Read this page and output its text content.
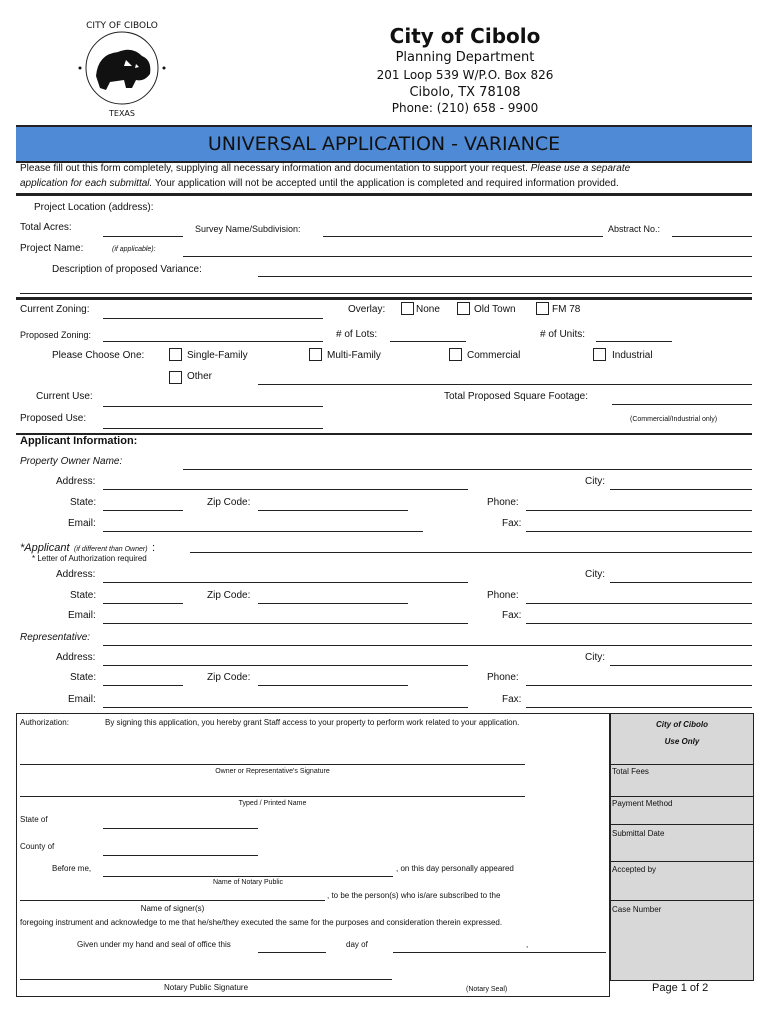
CITY OF CIBOLO
TEXAS
City of Cibolo
Planning Department
201 Loop 539 W/P.O. Box 826
Cibolo, TX 78108
Phone: (210) 658 - 9900
UNIVERSAL APPLICATION - VARIANCE
Please fill out this form completely, supplying all necessary information and documentation to support your request. Please use a separate
application for each submittal. Your application will not be accepted until the application is completed and required information provided.
Project Location (address):
Total Acres:	Survey Name/Subdivision:	Abstract No.:
Project Name:	(if applicable):
Description of proposed Variance:
Current Zoning:	Overlay:	None	Old Town	FM 78
Proposed Zoning:	# of Lots:	# of Units:
Please Choose One:	Single-Family	Multi-Family	Commercial	Industrial
Other
Current Use:	Total Proposed Square Footage:
Proposed Use:	(Commercial/Industrial only)
Applicant Information:
Property Owner Name:
Address:	City:
State:	Zip Code:	Phone:
Email:	Fax:
*Applicant (if different than Owner) :
* Letter of Authorization required
Address:	City:
State:	Zip Code:	Phone:
Email:	Fax:
Representative:
Address:	City:
State:	Zip Code:	Phone:
Email:	Fax:
Authorization:	By signing this application, you hereby grant Staff access to your property to perform work related to your application.
Owner or Representative's Signature
Typed / Printed Name
State of
County of
Before me,	, on this day personally appeared
Name of Notary Public
, to be the person(s) who is/are subscribed to the
Name of signer(s)
foregoing instrument and acknowledge to me that he/she/they executed the same for the purposes and consideration therein expressed.
Given under my hand and seal of office this	day of	,
Notary Public Signature	(Notary Seal)
City of Cibolo
Use Only
Total Fees
Payment Method
Submittal Date
Accepted by
Case Number
Page 1 of 2
